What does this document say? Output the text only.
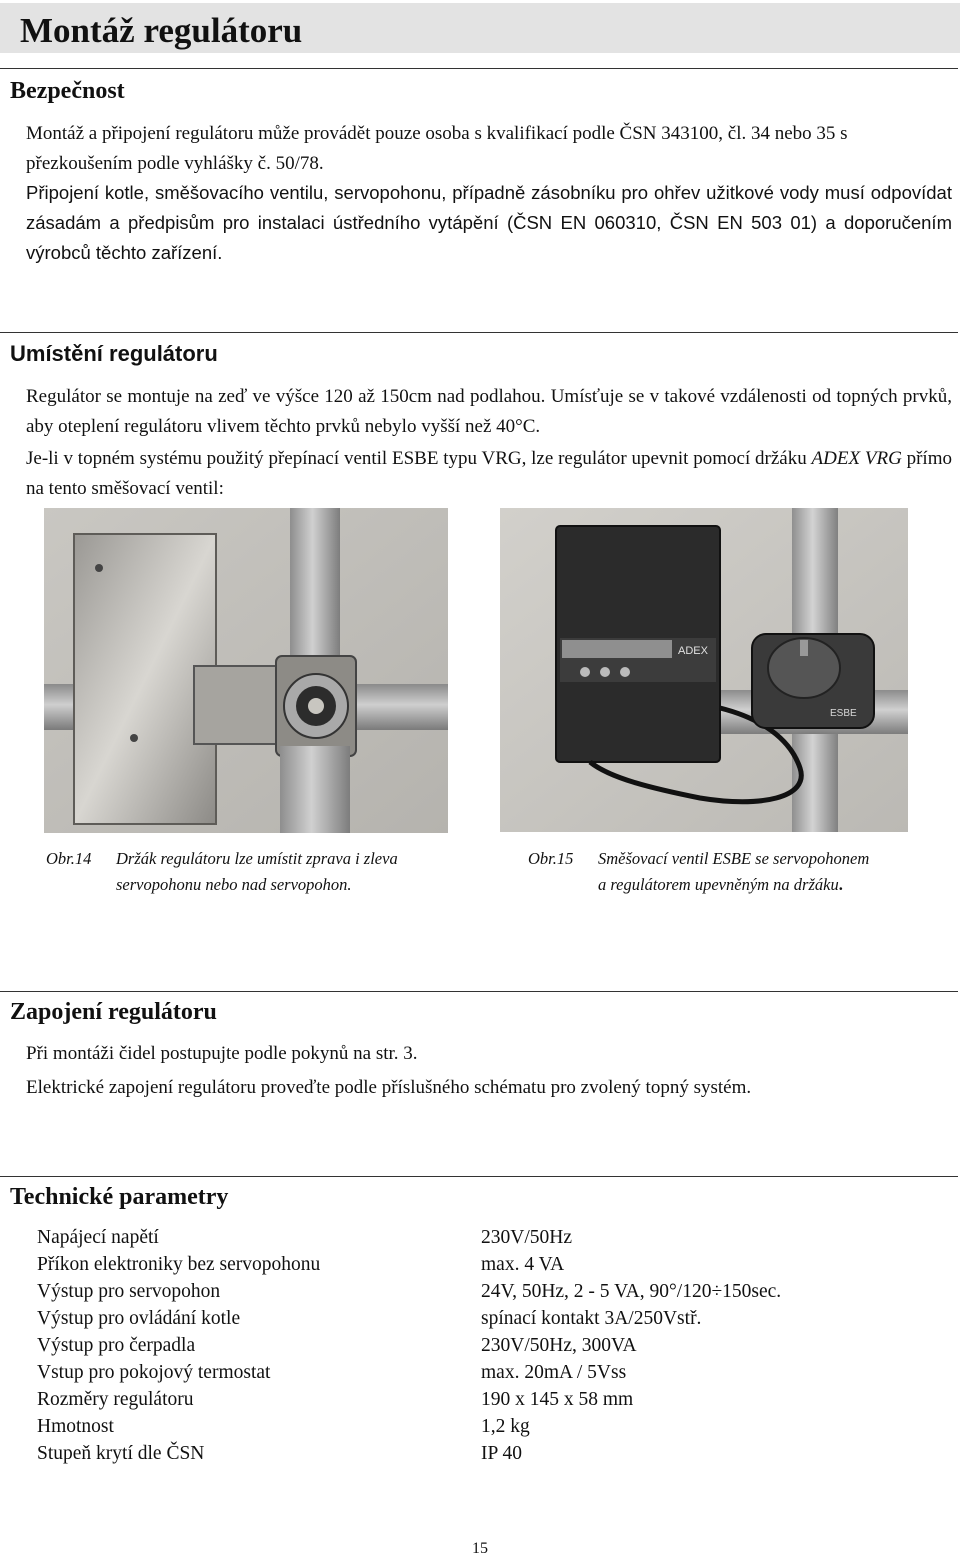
Montáž regulátoru
Bezpečnost

Montáž a připojení regulátoru může provádět pouze osoba s kvalifikací podle ČSN 343100, čl. 34 nebo 35 s přezkoušením podle vyhlášky č. 50/78.

Připojení kotle, směšovacího ventilu, servopohonu, případně zásobníku pro ohřev užitkové vody musí odpovídat zásadám a předpisům pro instalaci ústředního vytápění (ČSN EN 060310, ČSN EN 503 01) a doporučením výrobců těchto zařízení.

Umístění regulátoru

Regulátor se montuje na zeď ve výšce 120 až 150cm nad podlahou. Umísťuje se v takové vzdálenosti od topných prvků, aby oteplení regulátoru vlivem těchto prvků nebylo vyšší než 40°C.

Je-li v topném systému použitý přepínací ventil ESBE typu VRG, lze regulátor upevnit pomocí držáku ADEX VRG přímo na tento směšovací ventil:

ADEX
ESBE
Obr.14 Držák regulátoru lze umístit zprava i zleva
servopohonu nebo nad servopohon.
Obr.15 Směšovací ventil ESBE se servopohonem
a regulátorem upevněným na držáku.
Zapojení regulátoru

Při montáži čidel postupujte podle pokynů na str. 3.

Elektrické zapojení regulátoru proveďte podle příslušného schématu pro zvolený topný systém.

Technické parametry
Napájecí napětí	230V/50Hz
Příkon elektroniky bez servopohonu	max. 4 VA
Výstup pro servopohon	24V, 50Hz, 2 - 5 VA, 90°/120÷150sec.
Výstup pro ovládání kotle	spínací kontakt 3A/250Vstř.
Výstup pro čerpadla	230V/50Hz, 300VA
Vstup pro pokojový termostat	max. 20mA / 5Vss
Rozměry regulátoru	190 x 145 x 58 mm
Hmotnost	1,2 kg
Stupeň krytí dle ČSN	IP 40
15
